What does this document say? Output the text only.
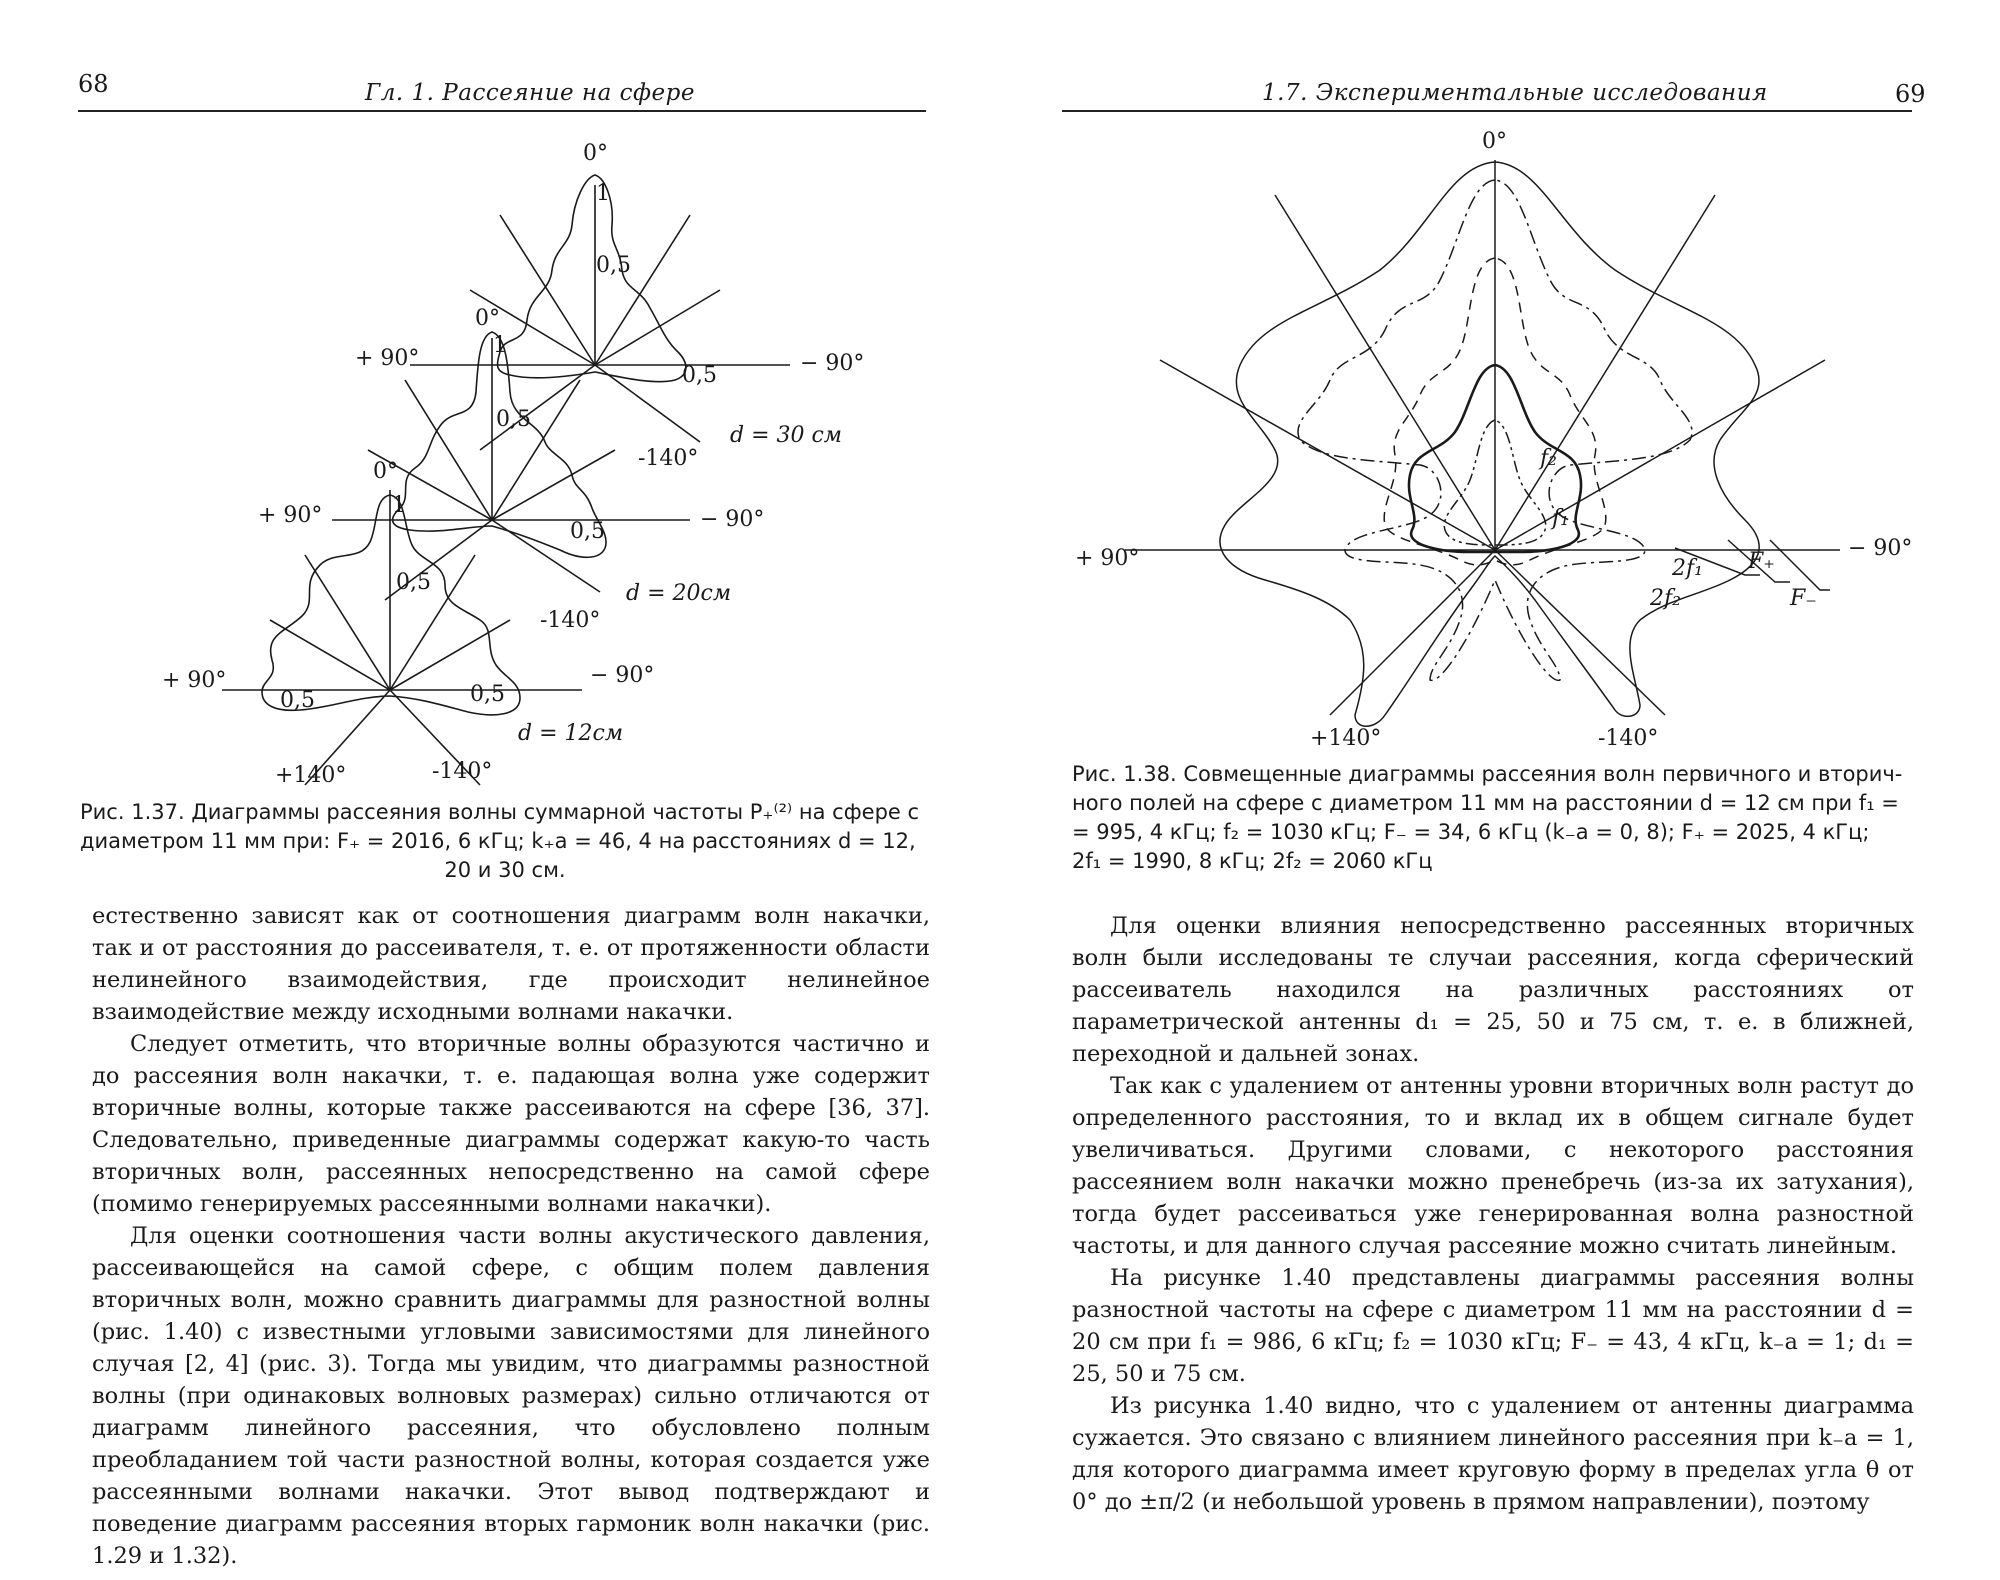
68	Гл. 1. Рассеяние на сфере
0°
1
0,5
+ 90°	− 90°
0,5
-140°
d = 30 см
0°
1
0,5
+ 90°	− 90°
0,5
-140°
d = 20см
0°
1
0,5
+ 90°	− 90°
0,5	0,5
+140°	-140°
d = 12см
Рис. 1.37. Диаграммы рассеяния волны суммарной частоты P₊⁽²⁾ на сфере с
диаметром 11 мм при: F₊ = 2016, 6 кГц; k₊a = 46, 4 на расстояниях d = 12,
20 и 30 см.

естественно зависят как от соотношения диаграмм волн накачки, так и от расстояния до рассеивателя, т. е. от протяженности области нелинейного взаимодействия, где происходит нелинейное взаимодействие между исходными волнами накачки.

Следует отметить, что вторичные волны образуются частично и до рассеяния волн накачки, т. е. падающая волна уже содержит вторичные волны, которые также рассеиваются на сфере [36, 37]. Следовательно, приведенные диаграммы содержат какую-то часть вторичных волн, рассеянных непосредственно на самой сфере (помимо генерируемых рассеянными волнами накачки).

Для оценки соотношения части волны акустического давления, рассеивающейся на самой сфере, с общим полем давления вторичных волн, можно сравнить диаграммы для разностной волны (рис. 1.40) с известными угловыми зависимостями для линейного случая [2, 4] (рис. 3). Тогда мы увидим, что диаграммы разностной волны (при одинаковых волновых размерах) сильно отличаются от диаграмм линейного рассеяния, что обусловлено полным преобладанием той части разностной волны, которая создается уже рассеянными волнами накачки. Этот вывод подтверждают и поведение диаграмм рассеяния вторых гармоник волн накачки (рис. 1.29 и 1.32).

1.7. Экспериментальные исследования	69
0°
+ 90°	− 90°
+140°	-140°
f₂
f₁
2f₁
2f₂
F₊
F₋
Рис. 1.38. Совмещенные диаграммы рассеяния волн первичного и вторич-
ного полей на сфере с диаметром 11 мм на расстоянии d = 12 см при f₁ =
= 995, 4 кГц; f₂ = 1030 кГц; F₋ = 34, 6 кГц (k₋a = 0, 8); F₊ = 2025, 4 кГц;
2f₁ = 1990, 8 кГц; 2f₂ = 2060 кГц

Для оценки влияния непосредственно рассеянных вторичных волн были исследованы те случаи рассеяния, когда сферический рассеиватель находился на различных расстояниях от параметрической антенны d₁ = 25, 50 и 75 см, т. е. в ближней, переходной и дальней зонах.

Так как с удалением от антенны уровни вторичных волн растут до определенного расстояния, то и вклад их в общем сигнале будет увеличиваться. Другими словами, с некоторого расстояния рассеянием волн накачки можно пренебречь (из-за их затухания), тогда будет рассеиваться уже генерированная волна разностной частоты, и для данного случая рассеяние можно считать линейным.

На рисунке 1.40 представлены диаграммы рассеяния волны разностной частоты на сфере с диаметром 11 мм на расстоянии d = 20 см при f₁ = 986, 6 кГц; f₂ = 1030 кГц; F₋ = 43, 4 кГц, k₋a = 1; d₁ = 25, 50 и 75 см.

Из рисунка 1.40 видно, что с удалением от антенны диаграмма сужается. Это связано с влиянием линейного рассеяния при k₋a = 1, для которого диаграмма имеет круговую форму в пределах угла θ от 0° до ±π/2 (и небольшой уровень в прямом направлении), поэтому
